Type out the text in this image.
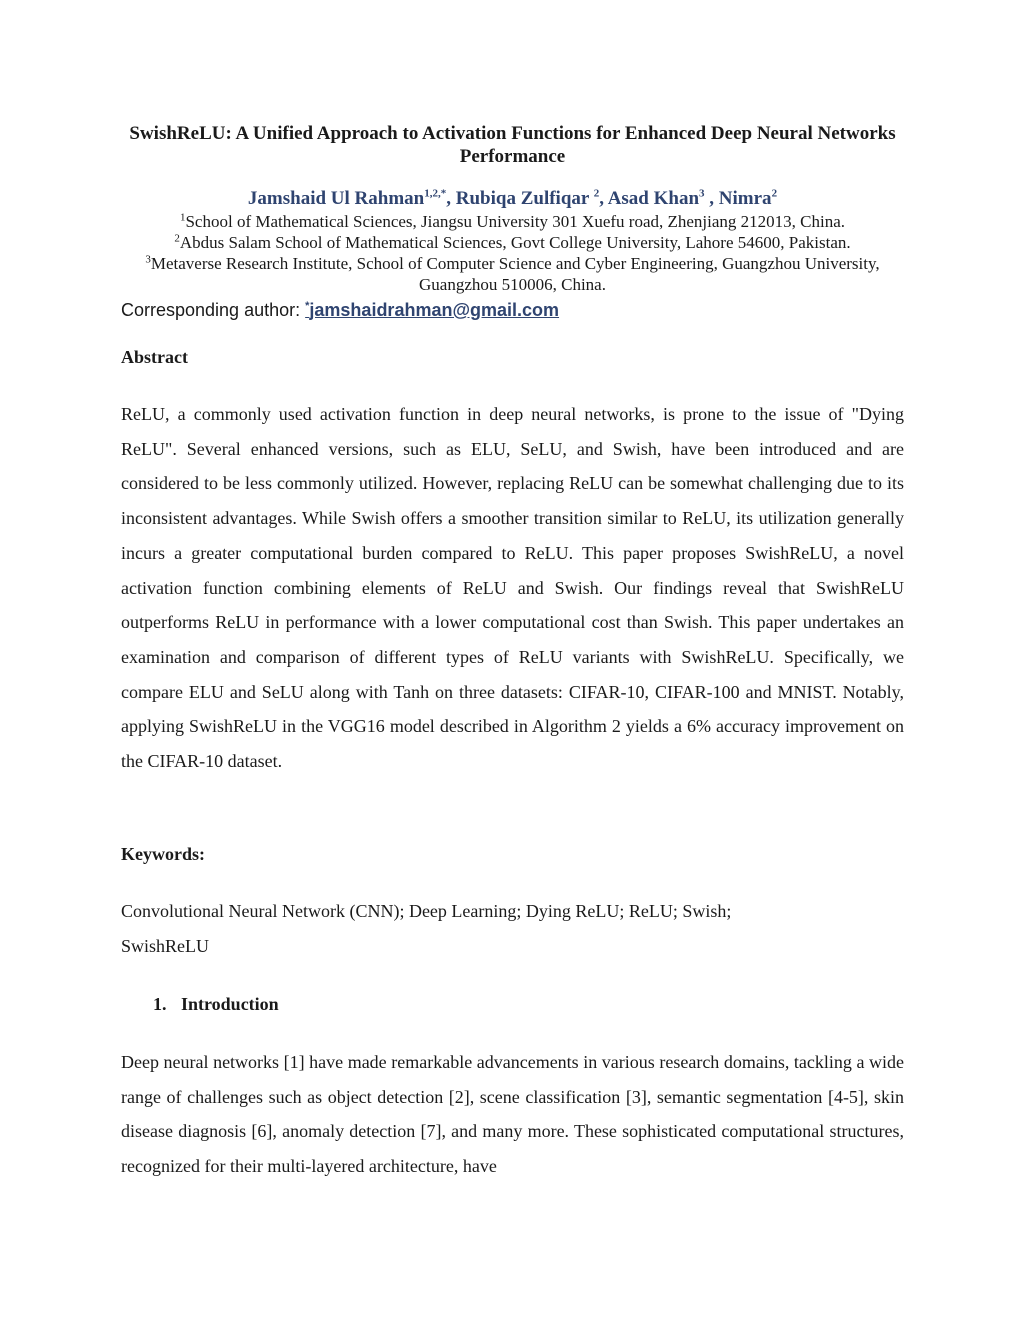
SwishReLU: A Unified Approach to Activation Functions for Enhanced Deep Neural Networks Performance
Jamshaid Ul Rahman$^{1,2,*}$, Rubiqa Zulfiqar $^2$, Asad Khan$^3$ , Nimra$^2$
$^1$School of Mathematical Sciences, Jiangsu University 301 Xuefu road, Zhenjiang 212013, China.
$^2$Abdus Salam School of Mathematical Sciences, Govt College University, Lahore 54600, Pakistan.
$^3$Metaverse Research Institute, School of Computer Science and Cyber Engineering, Guangzhou University, Guangzhou 510006, China.
Corresponding author: *jamshaidrahman@gmail.com
Abstract
ReLU, a commonly used activation function in deep neural networks, is prone to the issue of "Dying ReLU". Several enhanced versions, such as ELU, SeLU, and Swish, have been introduced and are considered to be less commonly utilized. However, replacing ReLU can be somewhat challenging due to its inconsistent advantages. While Swish offers a smoother transition similar to ReLU, its utilization generally incurs a greater computational burden compared to ReLU. This paper proposes SwishReLU, a novel activation function combining elements of ReLU and Swish. Our findings reveal that SwishReLU outperforms ReLU in performance with a lower computational cost than Swish. This paper undertakes an examination and comparison of different types of ReLU variants with SwishReLU. Specifically, we compare ELU and SeLU along with Tanh on three datasets: CIFAR-10, CIFAR-100 and MNIST. Notably, applying SwishReLU in the VGG16 model described in Algorithm 2 yields a 6% accuracy improvement on the CIFAR-10 dataset.
Keywords:
Convolutional Neural Network (CNN); Deep Learning; Dying ReLU; ReLU; Swish; SwishReLU
1. Introduction
Deep neural networks [1] have made remarkable advancements in various research domains, tackling a wide range of challenges such as object detection [2], scene classification [3], semantic segmentation [4-5], skin disease diagnosis [6], anomaly detection [7], and many more. These sophisticated computational structures, recognized for their multi-layered architecture, have
